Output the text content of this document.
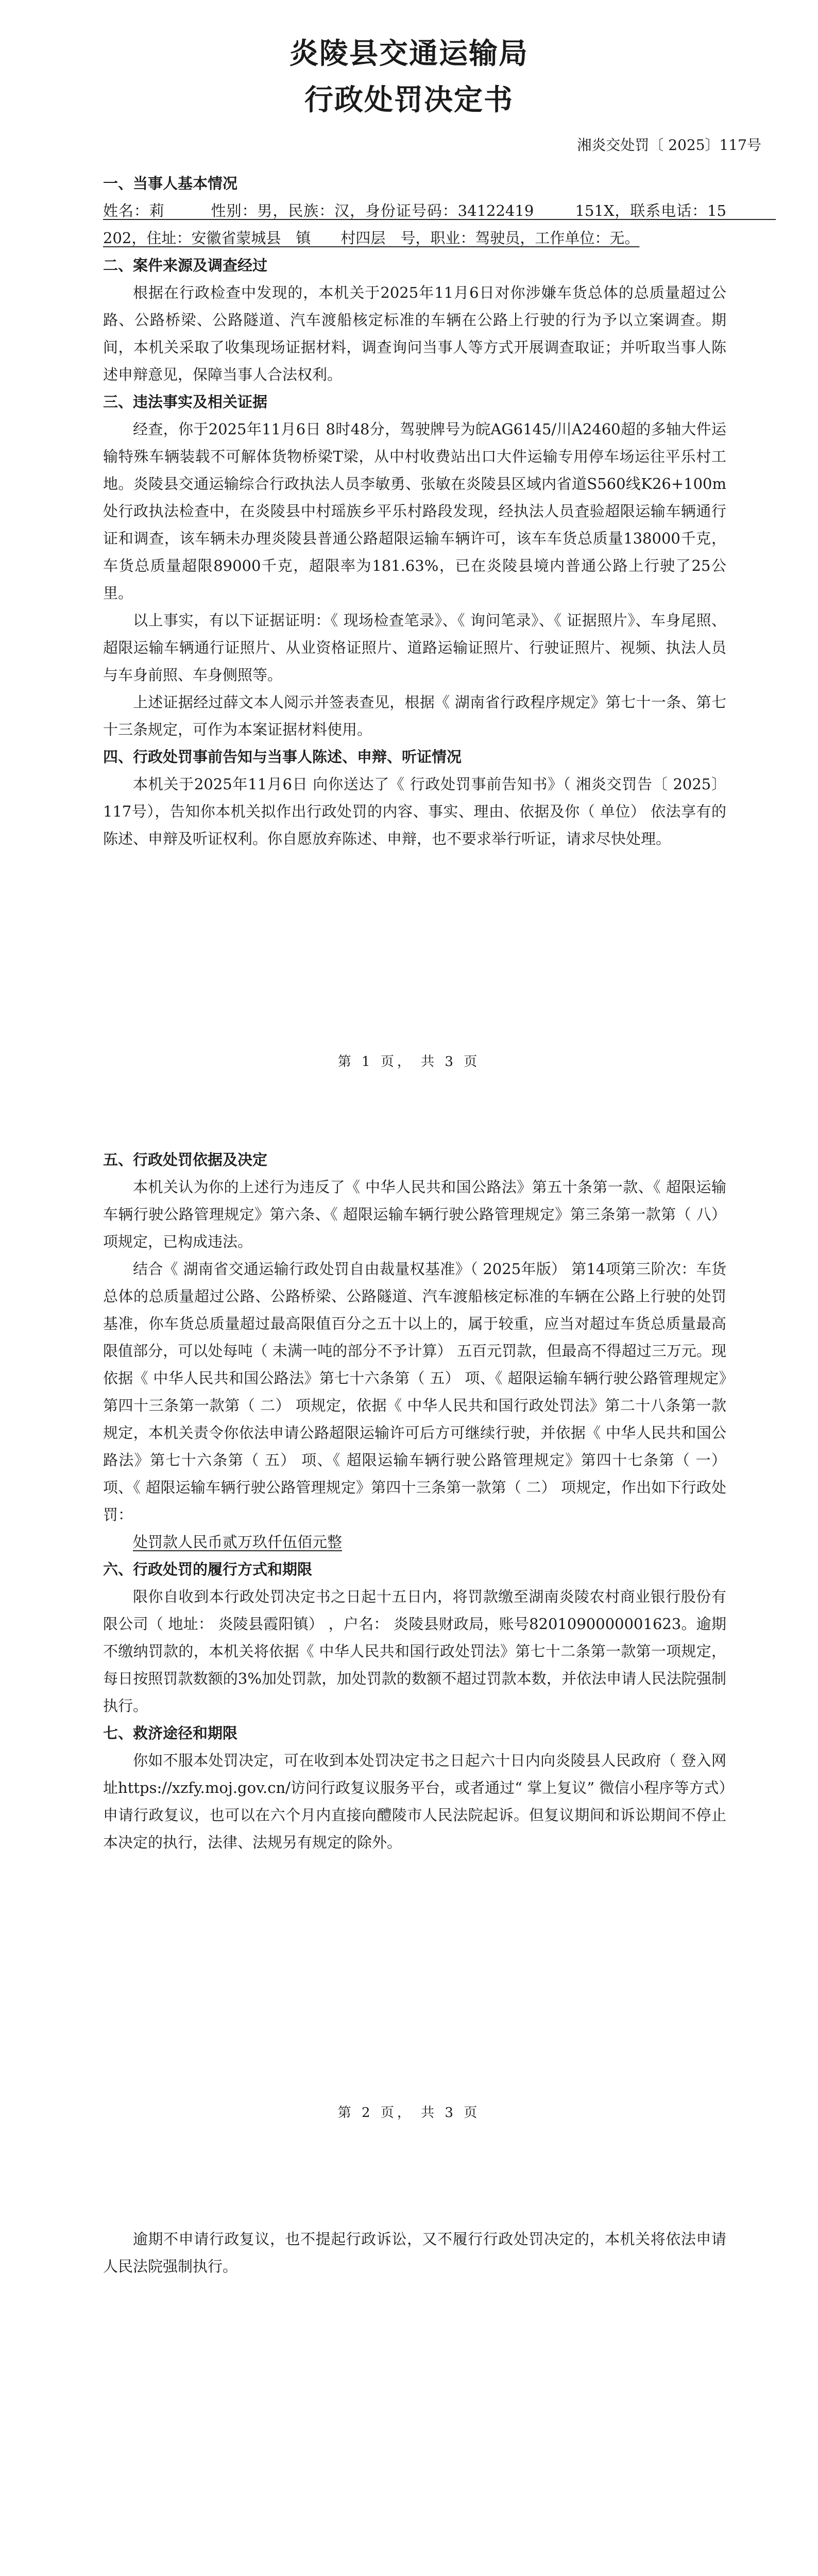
炎陵县交通运输局
行政处罚决定书
湘炎交处罚〔 2025〕117号

一、当事人基本情况

姓名：莉　　　性别：男，民族：汉，身份证号码：34122419 　　 151X，联系电话：15　　　 202，住址：安徽省蒙城县　镇　　村四层　号，职业：驾驶员，工作单位：无。

二、案件来源及调查经过

根据在行政检查中发现的，本机关于2025年11月6日对你涉嫌车货总体的总质量超过公路、公路桥梁、公路隧道、汽车渡船核定标准的车辆在公路上行驶的行为予以立案调查。期间，本机关采取了收集现场证据材料，调查询问当事人等方式开展调查取证；并听取当事人陈述申辩意见，保障当事人合法权利。

三、违法事实及相关证据

经查，你于2025年11月6日 8时48分，驾驶牌号为皖AG6145/川A2460超的多轴大件运输特殊车辆装载不可解体货物桥梁T梁，从中村收费站出口大件运输专用停车场运往平乐村工地。炎陵县交通运输综合行政执法人员李敏勇、张敏在炎陵县区域内省道S560线K26+100m处行政执法检查中，在炎陵县中村瑶族乡平乐村路段发现，经执法人员査验超限运输车辆通行证和调查，该车辆未办理炎陵县普通公路超限运输车辆许可，该车车货总质量138000千克，车货总质量超限89000千克，超限率为181.63%，已在炎陵县境内普通公路上行驶了25公里。

以上事实，有以下证据证明：《 现场检查笔录》、《 询问笔录》、《 证据照片》、车身尾照、超限运输车辆通行证照片、从业资格证照片、道路运输证照片、行驶证照片、视频、执法人员与车身前照、车身侧照等。

上述证据经过薛文本人阅示并签表查见，根据《 湖南省行政程序规定》第七十一条、第七十三条规定，可作为本案证据材料使用。

四、行政处罚事前告知与当事人陈述、申辩、听证情况

本机关于2025年11月6日 向你送达了《 行政处罚事前告知书》（ 湘炎交罚告〔 2025〕117号），告知你本机关拟作出行政处罚的内容、事实、理由、依据及你（ 单位） 依法享有的陈述、申辩及听证权利。你自愿放弃陈述、申辩，也不要求举行听证，请求尽快处理。

第 1 页， 共 3 页

五、行政处罚依据及决定

本机关认为你的上述行为违反了《 中华人民共和国公路法》第五十条第一款、《 超限运输车辆行驶公路管理规定》第六条、《 超限运输车辆行驶公路管理规定》第三条第一款第（ 八） 项规定，已构成违法。

结合《 湖南省交通运输行政处罚自由裁量权基准》（ 2025年版） 第14项第三阶次：车货总体的总质量超过公路、公路桥梁、公路隧道、汽车渡船核定标准的车辆在公路上行驶的处罚基准，你车货总质量超过最高限值百分之五十以上的，属于较重，应当对超过车货总质量最高限值部分，可以处每吨（ 未满一吨的部分不予计算） 五百元罚款，但最高不得超过三万元。现依据《 中华人民共和国公路法》第七十六条第（ 五） 项、《 超限运输车辆行驶公路管理规定》第四十三条第一款第（ 二） 项规定，依据《 中华人民共和国行政处罚法》第二十八条第一款规定，本机关责令你依法申请公路超限运输许可后方可继续行驶，并依据《 中华人民共和国公路法》第七十六条第（ 五） 项、《 超限运输车辆行驶公路管理规定》第四十七条第（ 一） 项、《 超限运输车辆行驶公路管理规定》第四十三条第一款第（ 二） 项规定，作出如下行政处罚：

处罚款人民币贰万玖仟伍佰元整

六、行政处罚的履行方式和期限

限你自收到本行政处罚决定书之日起十五日内，将罚款缴至湖南炎陵农村商业银行股份有限公司（ 地址： 炎陵县霞阳镇） ，户名： 炎陵县财政局，账号8201090000001623。逾期不缴纳罚款的，本机关将依据《 中华人民共和国行政处罚法》第七十二条第一款第一项规定，每日按照罚款数额的3%加处罚款，加处罚款的数额不超过罚款本数，并依法申请人民法院强制执行。

七、救济途径和期限

你如不服本处罚决定，可在收到本处罚决定书之日起六十日内向炎陵县人民政府（ 登入网址https://xzfy.moj.gov.cn/访问行政复议服务平台，或者通过“ 掌上复议” 微信小程序等方式）申请行政复议，也可以在六个月内直接向醴陵市人民法院起诉。但复议期间和诉讼期间不停止本决定的执行，法律、法规另有规定的除外。

第 2 页， 共 3 页

逾期不申请行政复议，也不提起行政诉讼，又不履行行政处罚决定的，本机关将依法申请人民法院强制执行。
